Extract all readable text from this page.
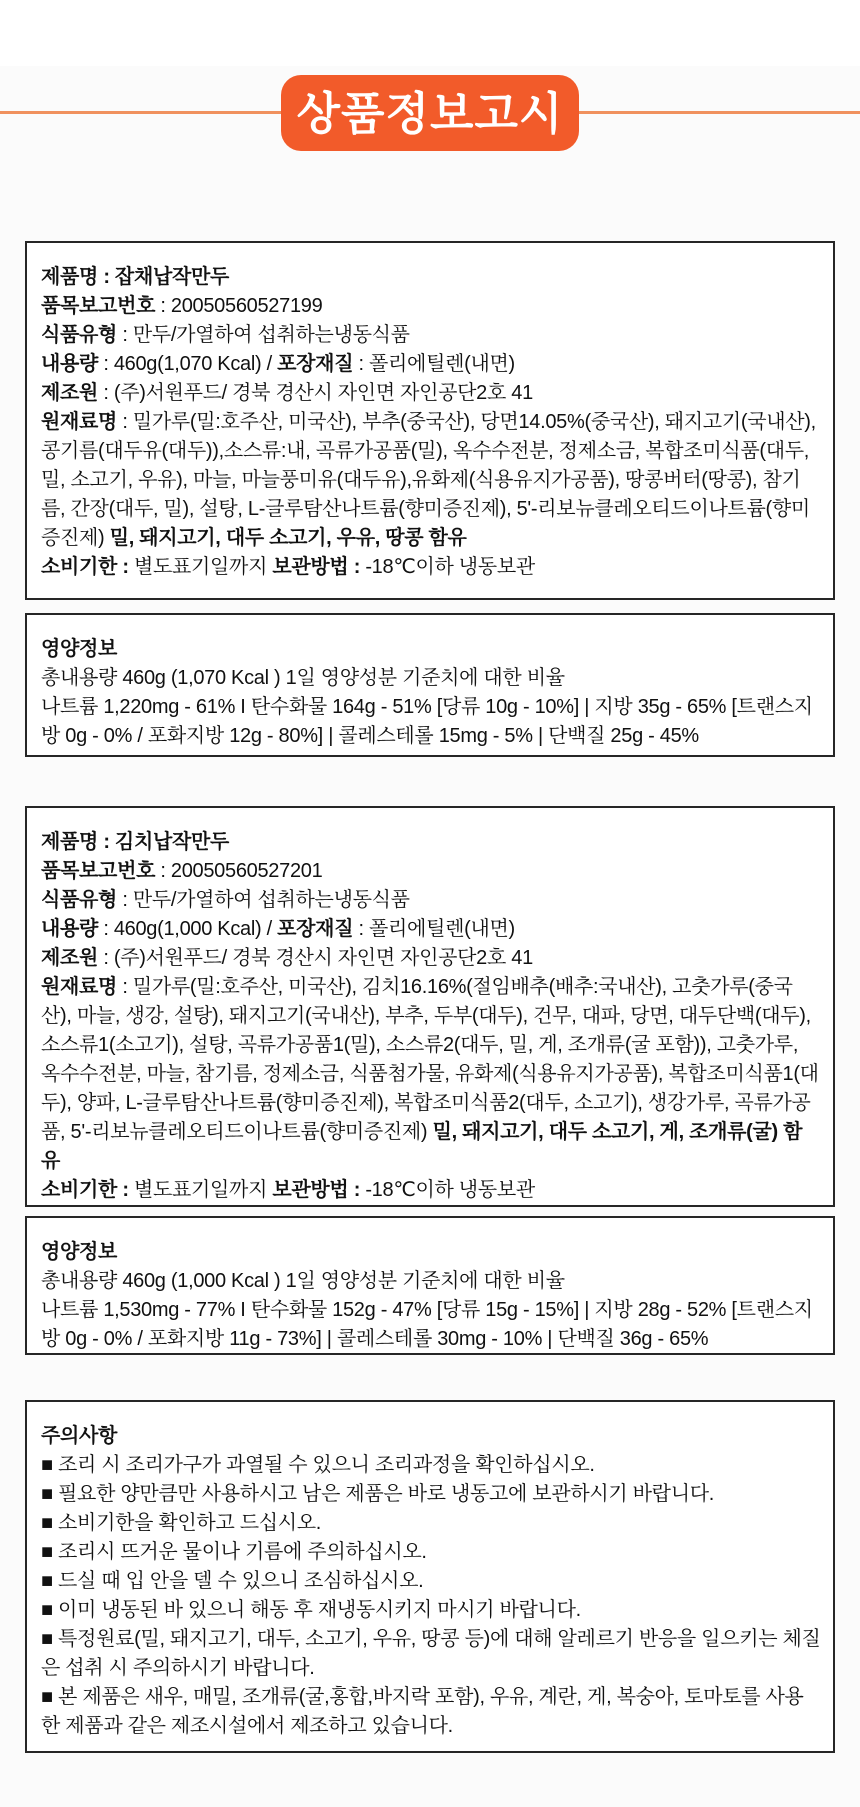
상품정보고시

제품명 : 잡채납작만두

품목보고번호 : 20050560527199

식품유형 : 만두/가열하여 섭취하는냉동식품

내용량 : 460g(1,070 Kcal) / 포장재질 : 폴리에틸렌(내면)

제조원 : (주)서원푸드/ 경북 경산시 자인면 자인공단2호 41

원재료명 : 밀가루(밀:호주산, 미국산), 부추(중국산), 당면14.05%(중국산), 돼지고기(국내산), 콩기름(대두유(대두)),소스류:내, 곡류가공품(밀), 옥수수전분, 정제소금, 복합조미식품(대두, 밀, 소고기, 우유), 마늘, 마늘풍미유(대두유),유화제(식용유지가공품), 땅콩버터(땅콩), 참기름, 간장(대두, 밀), 설탕, L-글루탐산나트륨(향미증진제), 5'-리보뉴클레오티드이나트륨(향미증진제) 밀, 돼지고기, 대두 소고기, 우유, 땅콩 함유

소비기한 : 별도표기일까지 보관방법 : -18℃이하 냉동보관

영양정보

총내용량 460g (1,070 Kcal ) 1일 영양성분 기준치에 대한 비율

나트륨 1,220mg - 61% I 탄수화물 164g - 51% [당류 10g - 10%] | 지방 35g - 65% [트랜스지방 0g - 0% / 포화지방 12g - 80%] | 콜레스테롤 15mg - 5% | 단백질 25g - 45%

제품명 : 김치납작만두

품목보고번호 : 20050560527201

식품유형 : 만두/가열하여 섭취하는냉동식품

내용량 : 460g(1,000 Kcal) / 포장재질 : 폴리에틸렌(내면)

제조원 : (주)서원푸드/ 경북 경산시 자인면 자인공단2호 41

원재료명 : 밀가루(밀:호주산, 미국산), 김치16.16%(절임배추(배추:국내산), 고춧가루(중국산), 마늘, 생강, 설탕), 돼지고기(국내산), 부추, 두부(대두), 건무, 대파, 당면, 대두단백(대두), 소스류1(소고기), 설탕, 곡류가공품1(밀), 소스류2(대두, 밀, 게, 조개류(굴 포함)), 고춧가루, 옥수수전분, 마늘, 참기름, 정제소금, 식품첨가물, 유화제(식용유지가공품), 복합조미식품1(대두), 양파, L-글루탐산나트륨(향미증진제), 복합조미식품2(대두, 소고기), 생강가루, 곡류가공품, 5'-리보뉴클레오티드이나트륨(향미증진제) 밀, 돼지고기, 대두 소고기, 게, 조개류(굴) 함유

소비기한 : 별도표기일까지 보관방법 : -18℃이하 냉동보관

영양정보

총내용량 460g (1,000 Kcal ) 1일 영양성분 기준치에 대한 비율

나트륨 1,530mg - 77% I 탄수화물 152g - 47% [당류 15g - 15%] | 지방 28g - 52% [트랜스지방 0g - 0% / 포화지방 11g - 73%] | 콜레스테롤 30mg - 10% | 단백질 36g - 65%

주의사항

■ 조리 시 조리가구가 과열될 수 있으니 조리과정을 확인하십시오.

■ 필요한 양만큼만 사용하시고 남은 제품은 바로 냉동고에 보관하시기 바랍니다.

■ 소비기한을 확인하고 드십시오.

■ 조리시 뜨거운 물이나 기름에 주의하십시오.

■ 드실 때 입 안을 델 수 있으니 조심하십시오.

■ 이미 냉동된 바 있으니 해동 후 재냉동시키지 마시기 바랍니다.

■ 특정원료(밀, 돼지고기, 대두, 소고기, 우유, 땅콩 등)에 대해 알레르기 반응을 일으키는 체질은 섭취 시 주의하시기 바랍니다.

■ 본 제품은 새우, 매밀, 조개류(굴,홍합,바지락 포함), 우유, 계란, 게, 복숭아, 토마토를 사용한 제품과 같은 제조시설에서 제조하고 있습니다.
